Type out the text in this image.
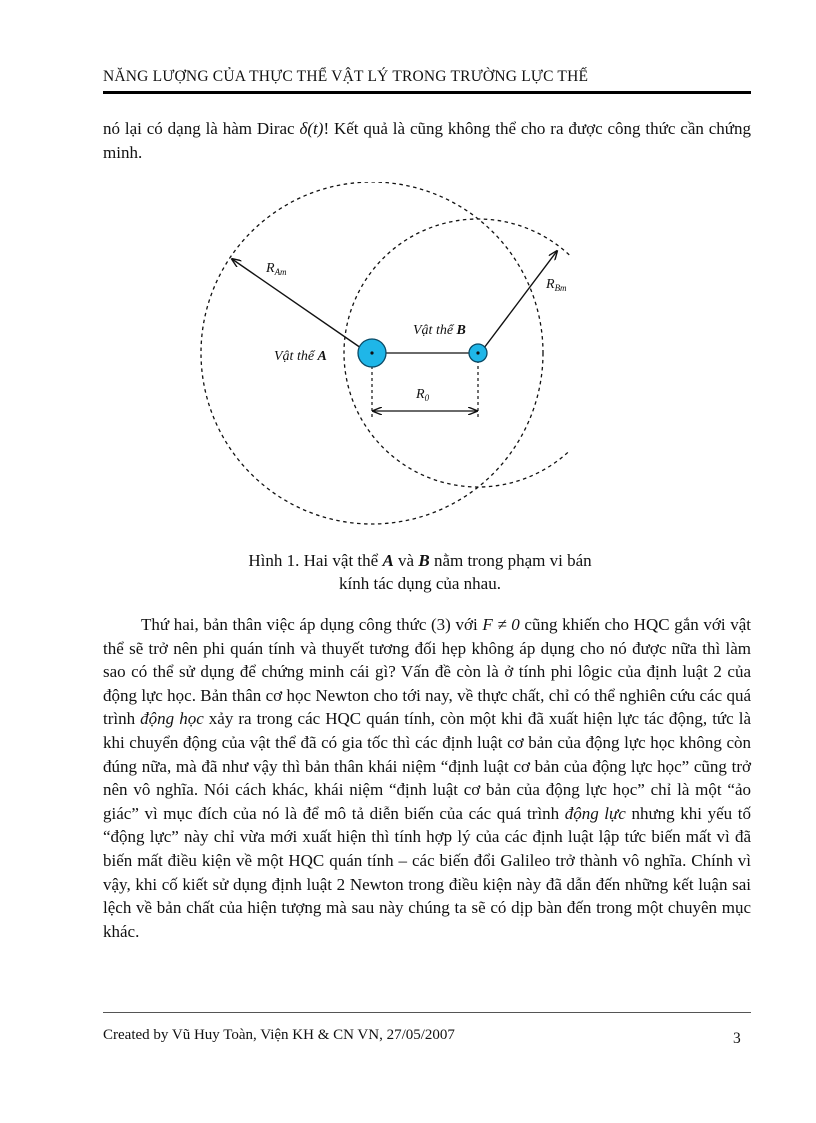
NĂNG LƯỢNG CỦA THỰC THỂ VẬT LÝ TRONG TRƯỜNG LỰC THẾ

nó lại có dạng là hàm Dirac δ(t)! Kết quả là cũng không thể cho ra được công thức cần chứng minh.

$R_{Am}$
$R_{Bm}$
$R_0$
Vật thể A
Vật thể B
Hình 1. Hai vật thể A và B nằm trong phạm vi bán
kính tác dụng của nhau.

Thứ hai, bản thân việc áp dụng công thức (3) với F ≠ 0 cũng khiến cho HQC gắn với vật thể sẽ trở nên phi quán tính và thuyết tương đối hẹp không áp dụng cho nó được nữa thì làm sao có thể sử dụng để chứng minh cái gì? Vấn đề còn là ở tính phi lôgic của định luật 2 của động lực học. Bản thân cơ học Newton cho tới nay, về thực chất, chỉ có thể nghiên cứu các quá trình động học xảy ra trong các HQC quán tính, còn một khi đã xuất hiện lực tác động, tức là khi chuyển động của vật thể đã có gia tốc thì các định luật cơ bản của động lực học không còn đúng nữa, mà đã như vậy thì bản thân khái niệm “định luật cơ bản của động lực học” cũng trở nên vô nghĩa. Nói cách khác, khái niệm “định luật cơ bản của động lực học” chỉ là một “ảo giác” vì mục đích của nó là để mô tả diễn biến của các quá trình động lực nhưng khi yếu tố “động lực” này chỉ vừa mới xuất hiện thì tính hợp lý của các định luật lập tức biến mất vì đã biến mất điều kiện về một HQC quán tính – các biến đổi Galileo trở thành vô nghĩa. Chính vì vậy, khi cố kiết sử dụng định luật 2 Newton trong điều kiện này đã dẫn đến những kết luận sai lệch về bản chất của hiện tượng mà sau này chúng ta sẽ có dịp bàn đến trong một chuyên mục khác.

Created by Vũ Huy Toàn, Viện KH & CN VN, 27/05/2007	3
